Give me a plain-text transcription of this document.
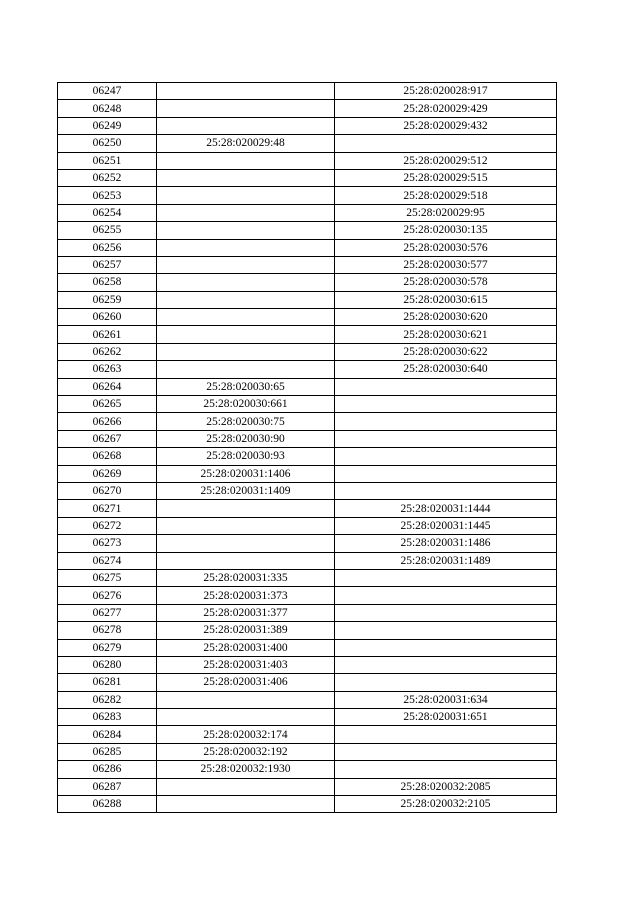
06247		25:28:020028:917
06248		25:28:020029:429
06249		25:28:020029:432
06250	25:28:020029:48	
06251		25:28:020029:512
06252		25:28:020029:515
06253		25:28:020029:518
06254		25:28:020029:95
06255		25:28:020030:135
06256		25:28:020030:576
06257		25:28:020030:577
06258		25:28:020030:578
06259		25:28:020030:615
06260		25:28:020030:620
06261		25:28:020030:621
06262		25:28:020030:622
06263		25:28:020030:640
06264	25:28:020030:65	
06265	25:28:020030:661	
06266	25:28:020030:75	
06267	25:28:020030:90	
06268	25:28:020030:93	
06269	25:28:020031:1406	
06270	25:28:020031:1409	
06271		25:28:020031:1444
06272		25:28:020031:1445
06273		25:28:020031:1486
06274		25:28:020031:1489
06275	25:28:020031:335	
06276	25:28:020031:373	
06277	25:28:020031:377	
06278	25:28:020031:389	
06279	25:28:020031:400	
06280	25:28:020031:403	
06281	25:28:020031:406	
06282		25:28:020031:634
06283		25:28:020031:651
06284	25:28:020032:174	
06285	25:28:020032:192	
06286	25:28:020032:1930	
06287		25:28:020032:2085
06288		25:28:020032:2105
